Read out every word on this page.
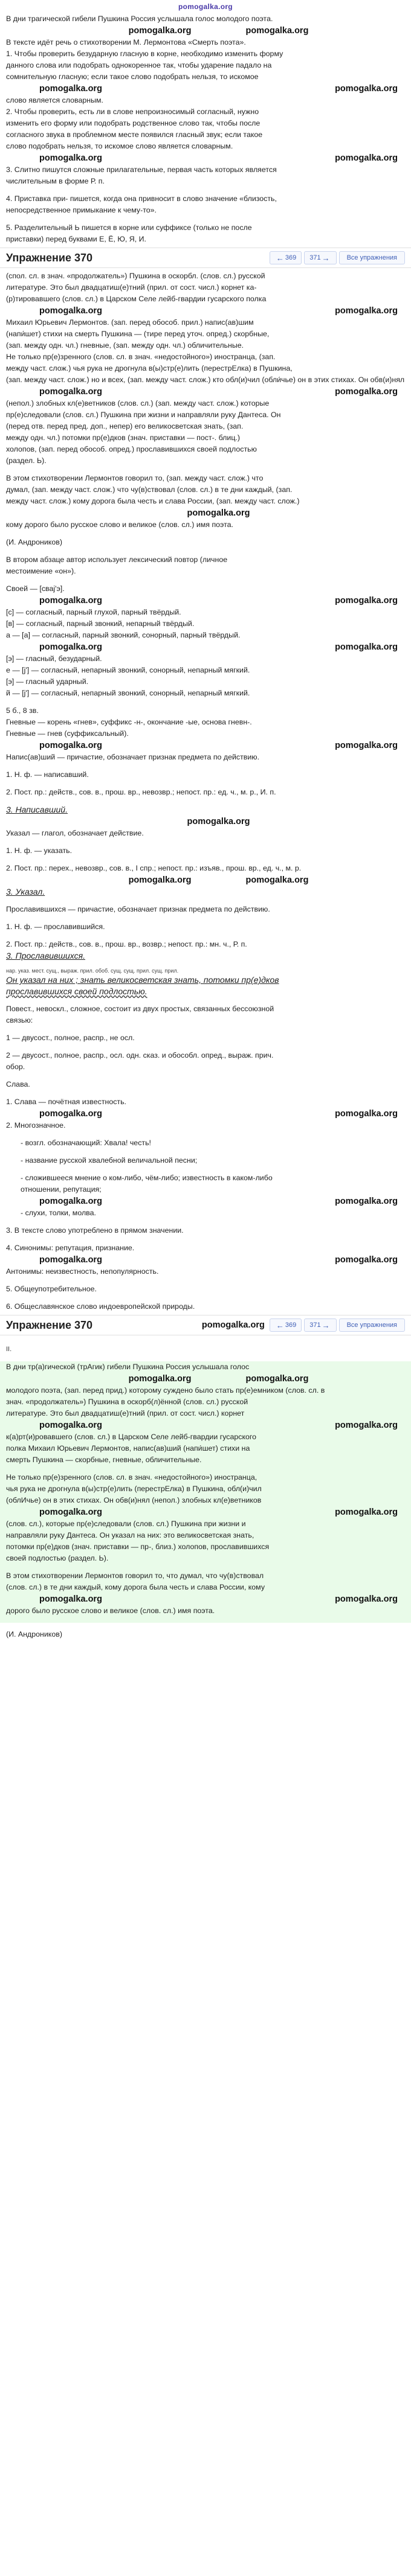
pomogalka.org

В дни трагической гибели Пушкина Россия услышала голос молодого поэта.

pomogalka.org	pomogalka.org

В тексте идёт речь о стихотворении М. Лермонтова «Смерть поэта».

1. Чтобы проверить безударную гласную в корне, необходимо изменить форму

данного слова или подобрать однокоренное так, чтобы ударение падало на

сомнительную гласную; если такое слово подобрать нельзя, то искомое

pomogalka.org	pomogalka.org

слово является словарным.

2. Чтобы проверить, есть ли в слове непроизносимый согласный, нужно

изменить его форму или подобрать родственное слово так, чтобы после

согласного звука в проблемном месте появился гласный звук; если такое

слово подобрать нельзя, то искомое слово является словарным.

pomogalka.org	pomogalka.org

3. Слитно пишутся сложные прилагательные, первая часть которых является

числительным в форме Р. п.

4. Приставка при- пишется, когда она привносит в слово значение «близость,

непосредственное примыкание к чему-то».

5. Разделительный Ь пишется в корне или суффиксе (только не после

приставки) перед буквами Е, Ё, Ю, Я, И.

Упражнение 370	← 369 371 →	Все упражнения

(спол. сл. в знач. «продолжатель») Пушкина в оскорбл. (слов. сл.) русской

литературе. Это был двадцатиш(е)тний (прил. от сост. числ.) корнет ка-

(р)тировавшего (слов. сл.) в Царском Селе лейб-гвардии гусарского полка

pomogalka.org	pomogalka.org

Михаил Юрьевич Лермонтов. (зап. перед обособ. прил.) напис(ав)шим

(напи́шет) стихи на смерть Пушкина — (тире перед уточ. опред.) скорбные,

(зап. между одн. чл.) гневные, (зап. между одн. чл.) обличительные.

Не только пр(е)зренного (слов. сл. в знач. «недостойного») иностранца, (зап.

между част. слож.) чья рука не дрогнула в(ы)стр(е)лить (перестрЕлка) в Пушкина,

(зап. между част. слож.) но и всех, (зап. между част. слож.) кто обл(и)чил (обли́чье) он в этих стихах. Он обв(и)нял

pomogalka.org	pomogalka.org

(непол.) злобных кл(е)ветников (слов. сл.) (зап. между част. слож.) которые

пр(е)следовали (слов. сл.) Пушкина при жизни и направляли руку Дантеса. Он

(перед отв. перед пред. доп., непер) его великосветская знать, (зап.

между одн. чл.) потомки пр(е)дков (знач. приставки — пост-. блиц.)

холопов, (зап. перед обособ. опред.) прославившихся своей подлостью

(раздел. Ь).

В этом стихотворении Лермонтов говорил то, (зап. между част. слож.) что

думал, (зап. между част. слож.) что чу(в)ствовал (слов. сл.) в те дни каждый, (зап.

между част. слож.) кому дорога была честь и слава России, (зап. между част. слож.)

pomogalka.org

кому дорого было русское слово и великое (слов. сл.) имя поэта.

(И. Андроников)

В втором абзаце автор использует лексический повтор (личное

местоимение «он»).

Своей — [сваj'э].

pomogalka.org	pomogalka.org

[с] — согласный, парный глухой, парный твёрдый.

[в] — согласный, парный звонкий, непарный твёрдый.

а — [а] — согласный, парный звонкий, сонорный, парный твёрдый.

pomogalka.org	pomogalka.org

[э] — гласный, безударный.

е — [j'] — согласный, непарный звонкий, сонорный, непарный мягкий.

[э] — гласный ударный.

й — [j'] — согласный, непарный звонкий, сонорный, непарный мягкий.

5 б., 8 зв.

Гневные — корень «гнев», суффикс -н-, окончание -ые, основа гневн-.

Гневные — гнев (суффиксальный).

pomogalka.org	pomogalka.org

Напис(ав)ший — причастие, обозначает признак предмета по действию.

1. Н. ф. — написавший.

2. Пост. пр.: действ., сов. в., прош. вр., невозвр.; непост. пр.: ед. ч., м. р., И. п.

3. Написавший.

pomogalka.org

Указал — глагол, обозначает действие.

1. Н. ф. — указать.

2. Пост. пр.: перех., невозвр., сов. в., I спр.; непост. пр.: изъяв., прош. вр., ед. ч., м. р.

pomogalka.org	pomogalka.org

3. Указал.

Прославившихся — причастие, обозначает признак предмета по действию.

1. Н. ф. — прославившийся.

2. Пост. пр.: действ., сов. в., прош. вр., возвр.; непост. пр.: мн. ч., Р. п.

3. Прославившихся.

нар. указ. мест. сущ., выраж. прил. обоб. сущ. сущ. прил. сущ. прил.
Он указал на них ; знать великосветская знать, потомки пр(е)дков
прославившихся своей подлостью.

Повест., невоскл., сложное, состоит из двух простых, связанных бессоюзной

связью:

1 — двусост., полное, распр., не осл.

2 — двусост., полное, распр., осл. одн. сказ. и обособл. опред., выраж. прич.

обор.

Слава.

1. Слава — почётная известность.

pomogalka.org	pomogalka.org

2. Многозначное.

- возгл. обозначающий: Хвала! честь!

- название русской хвалебной величальной песни;

- сложившееся мнение о ком-либо, чём-либо; известность в каком-либо

отношении, репутация;

pomogalka.org	pomogalka.org

- слухи, толки, молва.

3. В тексте слово употреблено в прямом значении.

4. Синонимы: репутация, признание.

pomogalka.org	pomogalka.org

Антонимы: неизвестность, непопулярность.

5. Общеупотребительное.

6. Общеславянское слово индоевропейской природы.

Упражнение 370	pomogalka.org ← 369 371 →	Все упражнения

II.

В дни тр(а)гической (трАгик) гибели Пушкина Россия услышала голос

pomogalka.org	pomogalka.org

молодого поэта, (зап. перед прид.) которому суждено было стать пр(е)емником (слов. сл. в

знач. «продолжатель») Пушкина в оскорб(л)ённой (слов. сл.) русской

литературе. Это был двадцатиш(е)тний (прил. от сост. числ.) корнет

pomogalka.org	pomogalka.org

к(а)рт(и)ровавшего (слов. сл.) в Царском Селе лейб-гвардии гусарского

полка Михаил Юрьевич Лермонтов, напис(ав)ший (напи́шет) стихи на

смерть Пушкина — скорбные, гневные, обличительные.

Не только пр(е)зренного (слов. сл. в знач. «недостойного») иностранца,

чья рука не дрогнула в(ы)стр(е)лить (перестрЕлка) в Пушкина, обл(и)чил

(облИчье) он в этих стихах. Он обв(и)нял (непол.) злобных кл(е)ветников

pomogalka.org	pomogalka.org

(слов. сл.), которые пр(е)следовали (слов. сл.) Пушкина при жизни и

направляли руку Дантеса. Он указал на них: это великосветская знать,

потомки пр(е)дков (знач. приставки — пр-, близ.) холопов, прославившихся

своей подлостью (раздел. Ь).

В этом стихотворении Лермонтов говорил то, что думал, что чу(в)ствовал

(слов. сл.) в те дни каждый, кому дорога была честь и слава России, кому

pomogalka.org	pomogalka.org

дорого было русское слово и великое (слов. сл.) имя поэта.

(И. Андроников)
